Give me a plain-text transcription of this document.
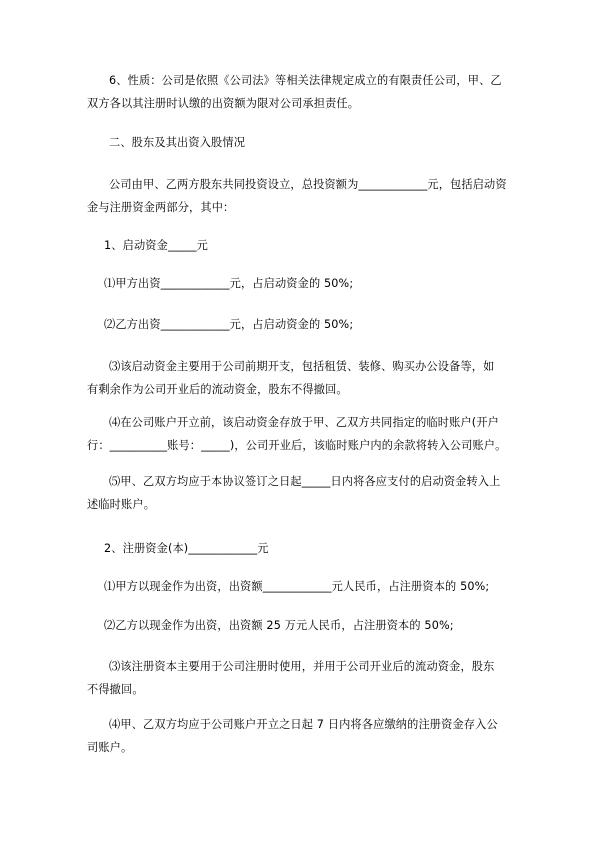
6、性质：公司是依照《公司法》等相关法律规定成立的有限责任公司，甲、乙
双方各以其注册时认缴的出资额为限对公司承担责任。

二、股东及其出资入股情况

公司由甲、乙两方股东共同投资设立，总投资额为____________元，包括启动资
金与注册资金两部分，其中：

1、启动资金_____元

⑴甲方出资____________元，占启动资金的 50%;

⑵乙方出资____________元，占启动资金的 50%;

⑶该启动资金主要用于公司前期开支，包括租赁、装修、购买办公设备等，如
有剩余作为公司开业后的流动资金，股东不得撤回。

⑷在公司账户开立前，该启动资金存放于甲、乙双方共同指定的临时账户(开户
行：__________账号：_____)，公司开业后，该临时账户内的余款将转入公司账户。

⑸甲、乙双方均应于本协议签订之日起_____日内将各应支付的启动资金转入上
述临时账户。

2、注册资金(本)____________元

⑴甲方以现金作为出资，出资额____________元人民币，占注册资本的 50%;

⑵乙方以现金作为出资，出资额 25 万元人民币，占注册资本的 50%;

⑶该注册资本主要用于公司注册时使用，并用于公司开业后的流动资金，股东
不得撤回。

⑷甲、乙双方均应于公司账户开立之日起 7 日内将各应缴纳的注册资金存入公
司账户。
